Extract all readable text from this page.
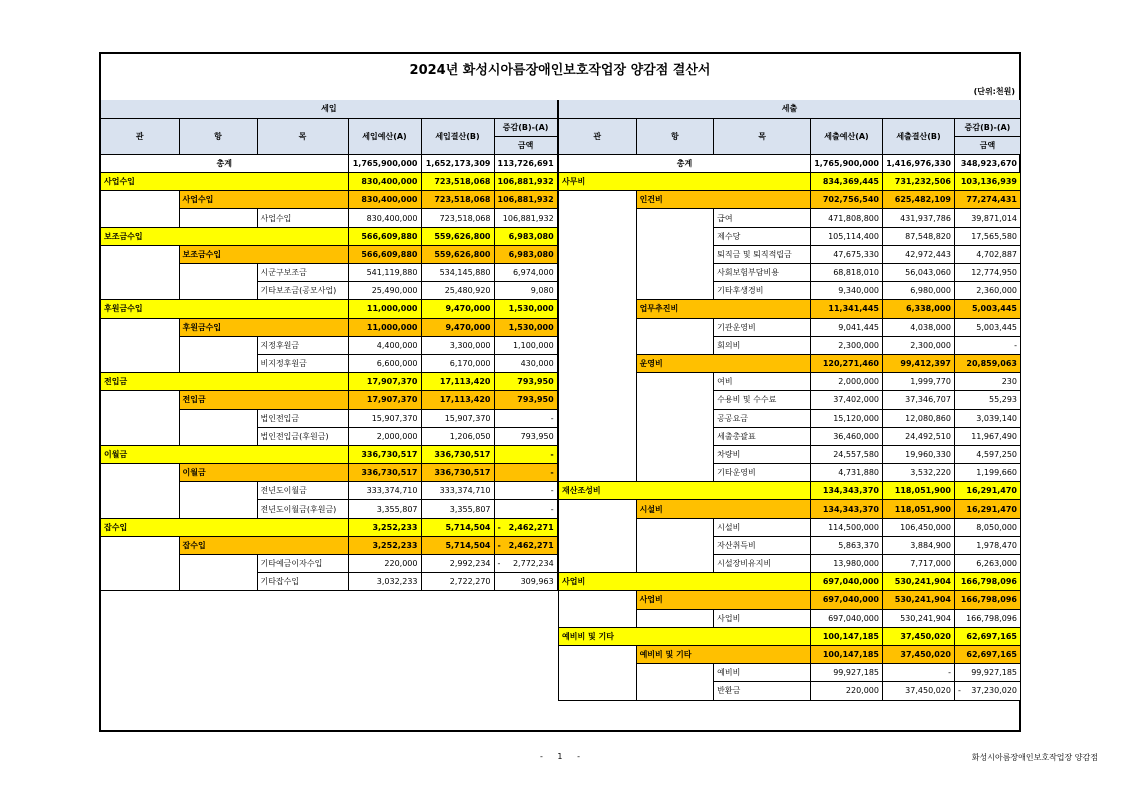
2024년 화성시아름장애인보호작업장 양감점 결산서
(단위:천원)
세입					
관	항	목	세입예산(A)	세입결산(B)	증감(B)-(A)
					금액
총계			1,765,900,000	1,652,173,309	113,726,691
사업수입			830,400,000	723,518,068	106,881,932
	사업수입		830,400,000	723,518,068	106,881,932
		사업수입	830,400,000	723,518,068	106,881,932
보조금수입			566,609,880	559,626,800	6,983,080
	보조금수입		566,609,880	559,626,800	6,983,080
		시군구보조금	541,119,880	534,145,880	6,974,000
		기타보조금(공모사업)	25,490,000	25,480,920	9,080
후원금수입			11,000,000	9,470,000	1,530,000
	후원금수입		11,000,000	9,470,000	1,530,000
		지정후원금	4,400,000	3,300,000	1,100,000
		비지정후원금	6,600,000	6,170,000	430,000
전입금			17,907,370	17,113,420	793,950
	전입금		17,907,370	17,113,420	793,950
		법인전입금	15,907,370	15,907,370	-
		법인전입금(후원금)	2,000,000	1,206,050	793,950
이월금			336,730,517	336,730,517	-
	이월금		336,730,517	336,730,517	-
		전년도이월금	333,374,710	333,374,710	-
		전년도이월금(후원금)	3,355,807	3,355,807	-
잡수입			3,252,233	5,714,504	- 2,462,271
	잡수입		3,252,233	5,714,504	- 2,462,271
		기타예금이자수입	220,000	2,992,234	- 2,772,234
		기타잡수입	3,032,233	2,722,270	309,963
세출					
관	항	목	세출예산(A)	세출결산(B)	증감(B)-(A)
					금액
총계			1,765,900,000	1,416,976,330	348,923,670
사무비			834,369,445	731,232,506	103,136,939
	인건비		702,756,540	625,482,109	77,274,431
		급여	471,808,800	431,937,786	39,871,014
		제수당	105,114,400	87,548,820	17,565,580
		퇴직금 및 퇴직적립금	47,675,330	42,972,443	4,702,887
		사회보험부담비용	68,818,010	56,043,060	12,774,950
		기타후생경비	9,340,000	6,980,000	2,360,000
	업무추진비		11,341,445	6,338,000	5,003,445
		기관운영비	9,041,445	4,038,000	5,003,445
		회의비	2,300,000	2,300,000	-
	운영비		120,271,460	99,412,397	20,859,063
		여비	2,000,000	1,999,770	230
		수용비 및 수수료	37,402,000	37,346,707	55,293
		공공요금	15,120,000	12,080,860	3,039,140
		세출총괄표	36,460,000	24,492,510	11,967,490
		차량비	24,557,580	19,960,330	4,597,250
		기타운영비	4,731,880	3,532,220	1,199,660
재산조성비			134,343,370	118,051,900	16,291,470
	시설비		134,343,370	118,051,900	16,291,470
		시설비	114,500,000	106,450,000	8,050,000
		자산취득비	5,863,370	3,884,900	1,978,470
		시설장비유지비	13,980,000	7,717,000	6,263,000
사업비			697,040,000	530,241,904	166,798,096
	사업비		697,040,000	530,241,904	166,798,096
		사업비	697,040,000	530,241,904	166,798,096
예비비 및 기타			100,147,185	37,450,020	62,697,165
	예비비 및 기타		100,147,185	37,450,020	62,697,165
		예비비	99,927,185	-	99,927,185
		반환금	220,000	37,450,020	- 37,230,020
- 1 -	화성시아름장애인보호작업장 양감점
